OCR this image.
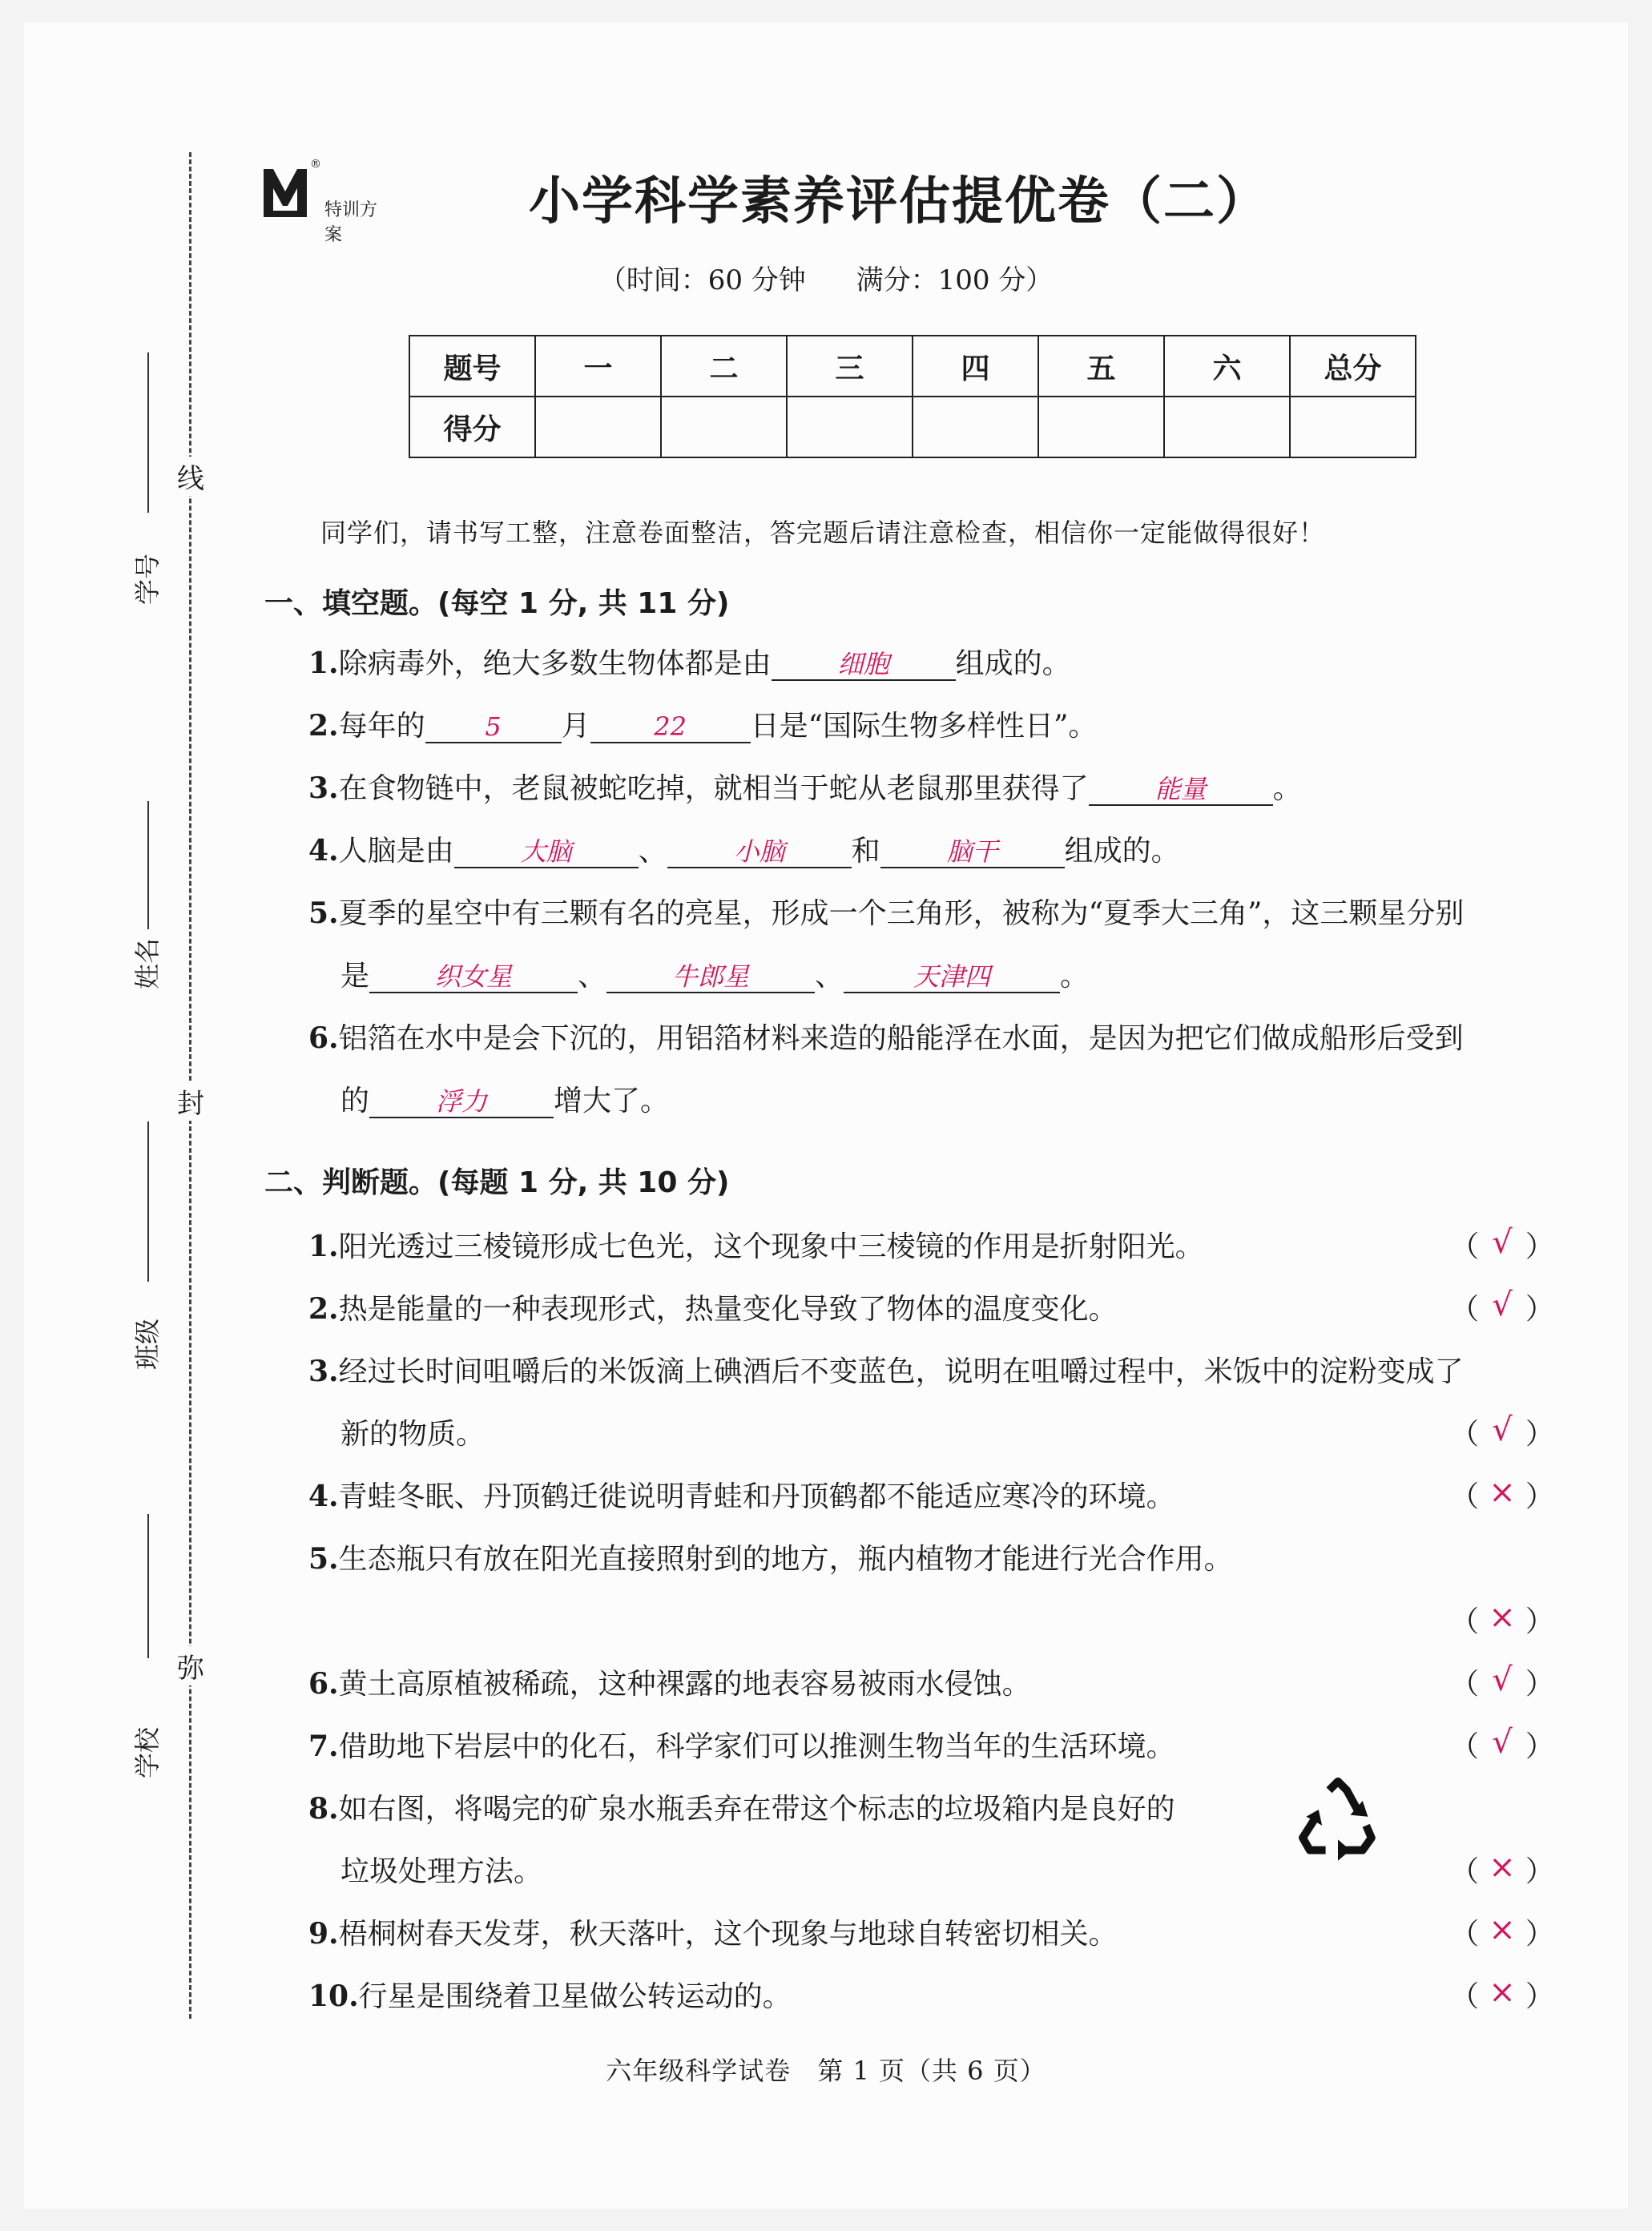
线
封
弥
学号
姓名
班级
学校
®
特训方案
小学科学素养评估提优卷（二）
（时间：60 分钟 满分：100 分）
题号	一	二	三	四	五	六	总分
得分							
同学们，请书写工整，注意卷面整洁，答完题后请注意检查，相信你一定能做得很好！
一、填空题。(每空 1 分, 共 11 分)
1.除病毒外，绝大多数生物体都是由	细胞 组成的。
2.每年的 5 月 22 日是“国际生物多样性日”。
3.在食物链中，老鼠被蛇吃掉，就相当于蛇从老鼠那里获得了	能量 。
4.人脑是由	大脑 、	小脑 和	脑干 组成的。
5.夏季的星空中有三颗有名的亮星，形成一个三角形，被称为“夏季大三角”，这三颗星分别
是	织女星 、	牛郎星 、	天津四 。
6.铝箔在水中是会下沉的，用铝箔材料来造的船能浮在水面，是因为把它们做成船形后受到
的	浮力 增大了。
二、判断题。(每题 1 分, 共 10 分)
1.阳光透过三棱镜形成七色光，这个现象中三棱镜的作用是折射阳光。	（ √ ）
2.热是能量的一种表现形式，热量变化导致了物体的温度变化。	（ √ ）
3.经过长时间咀嚼后的米饭滴上碘酒后不变蓝色，说明在咀嚼过程中，米饭中的淀粉变成了
新的物质。	（ √ ）
4.青蛙冬眠、丹顶鹤迁徙说明青蛙和丹顶鹤都不能适应寒冷的环境。	（ × ）
5.生态瓶只有放在阳光直接照射到的地方，瓶内植物才能进行光合作用。
（ × ）
6.黄土高原植被稀疏，这种裸露的地表容易被雨水侵蚀。	（ √ ）
7.借助地下岩层中的化石，科学家们可以推测生物当年的生活环境。	（ √ ）
8.如右图，将喝完的矿泉水瓶丢弃在带这个标志的垃圾箱内是良好的
垃圾处理方法。	（ × ）
9.梧桐树春天发芽，秋天落叶，这个现象与地球自转密切相关。	（ × ）
10.行星是围绕着卫星做公转运动的。	（ × ）
六年级科学试卷　第 1 页（共 6 页）
